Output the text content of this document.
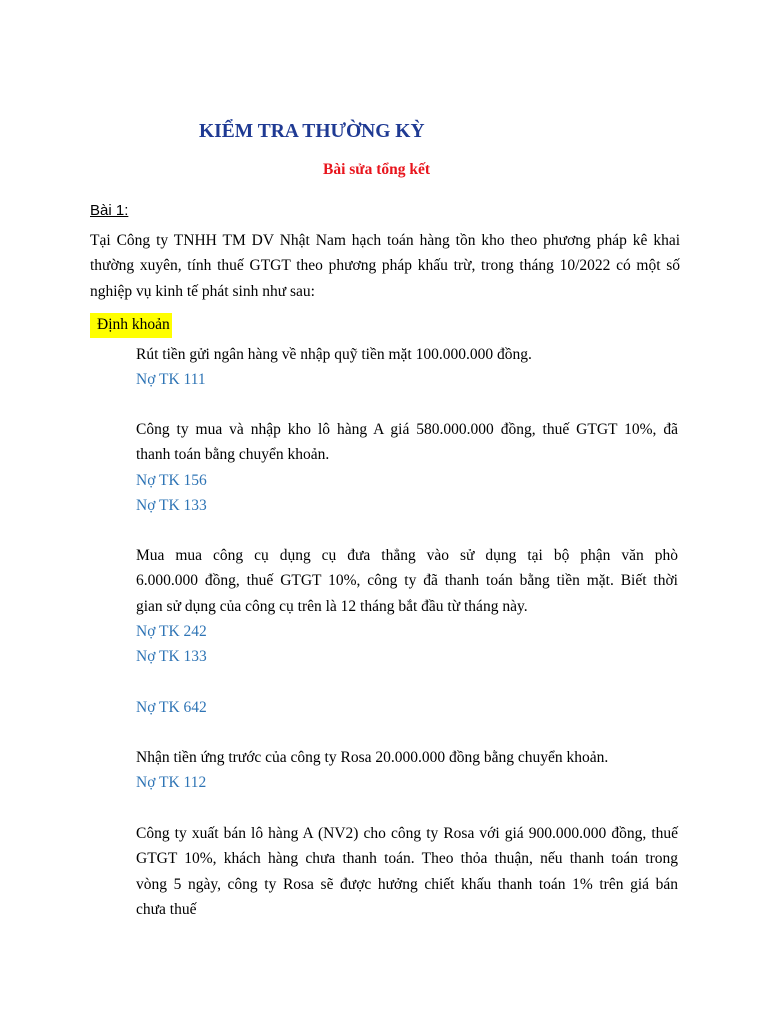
KIỂM TRA THƯỜNG KỲ
Bài sửa tổng kết
Bài 1:
Tại Công ty TNHH TM DV Nhật Nam hạch toán hàng tồn kho theo phương pháp kê khai
thường xuyên, tính thuế GTGT theo phương pháp khấu trừ, trong tháng 10/2022 có một số
nghiệp vụ kinh tế phát sinh như sau:
Định khoản
Rút tiền gửi ngân hàng về nhập quỹ tiền mặt 100.000.000 đồng.
Nợ TK 111
Công ty mua và nhập kho lô hàng A giá 580.000.000 đồng, thuế GTGT 10%, đã
thanh toán bằng chuyển khoản.
Nợ TK 156
Nợ TK 133
Mua mua công cụ dụng cụ đưa thẳng vào sử dụng tại bộ phận văn phò
6.000.000 đồng, thuế GTGT 10%, công ty đã thanh toán bằng tiền mặt. Biết thời
gian sử dụng của công cụ trên là 12 tháng bắt đầu từ tháng này.
Nợ TK 242
Nợ TK 133
Nợ TK 642
Nhận tiền ứng trước của công ty Rosa 20.000.000 đồng bằng chuyển khoản.
Nợ TK 112
Công ty xuất bán lô hàng A (NV2) cho công ty Rosa với giá 900.000.000 đồng, thuế
GTGT 10%, khách hàng chưa thanh toán. Theo thỏa thuận, nếu thanh toán trong
vòng 5 ngày, công ty Rosa sẽ được hưởng chiết khấu thanh toán 1% trên giá bán
chưa thuế
